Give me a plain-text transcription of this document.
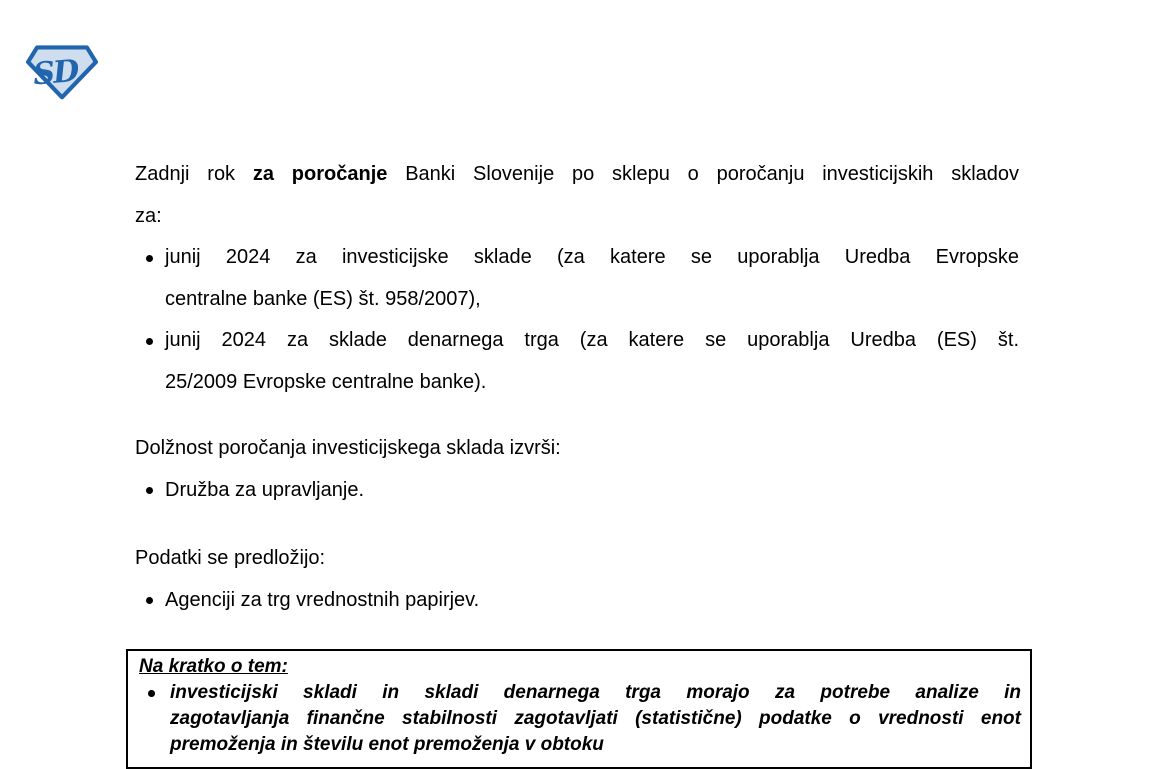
SD
Zadnji rok za poročanje Banki Slovenije po sklepu o poročanju investicijskih skladov
za:
junij 2024 za investicijske sklade (za katere se uporablja Uredba Evropske
centralne banke (ES) št. 958/2007),
junij 2024 za sklade denarnega trga (za katere se uporablja Uredba (ES) št.
25/2009 Evropske centralne banke).
Dolžnost poročanja investicijskega sklada izvrši:
Družba za upravljanje.
Podatki se predložijo:
Agenciji za trg vrednostnih papirjev.
Na kratko o tem:
investicijski skladi in skladi denarnega trga morajo za potrebe analize in
zagotavljanja finančne stabilnosti zagotavljati (statistične) podatke o vrednosti enot
premoženja in številu enot premoženja v obtoku
